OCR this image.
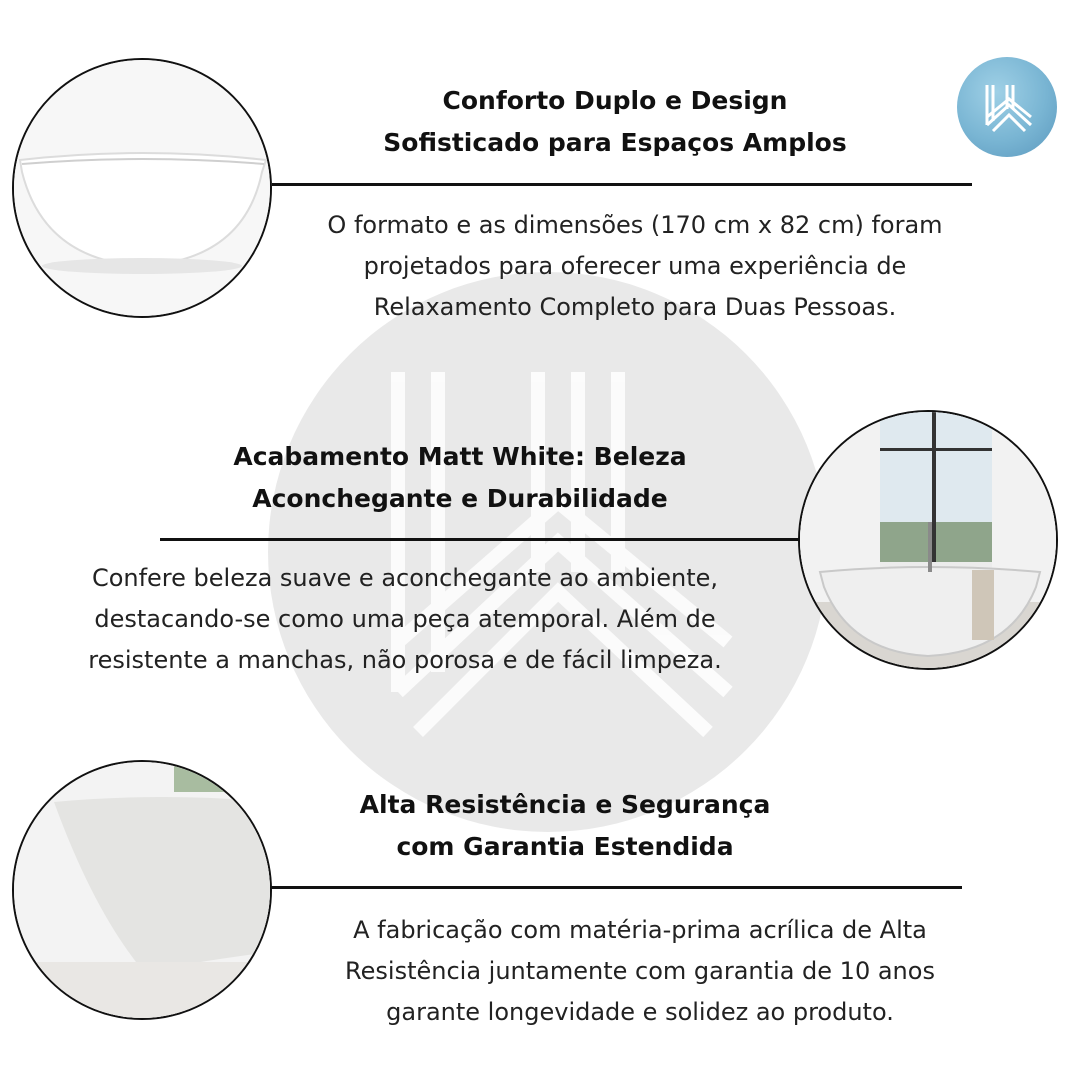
Conforto Duplo e Design
Sofisticado para Espaços Amplos
O formato e as dimensões (170 cm x 82 cm) foram
projetados para oferecer uma experiência de
Relaxamento Completo para Duas Pessoas.
Acabamento Matt White: Beleza
Aconchegante e Durabilidade
Confere beleza suave e aconchegante ao ambiente,
destacando-se como uma peça atemporal. Além de
resistente a manchas, não porosa e de fácil limpeza.
Alta Resistência e Segurança
com Garantia Estendida
A fabricação com matéria-prima acrílica de Alta
Resistência juntamente com garantia de 10 anos
garante longevidade e solidez ao produto.
